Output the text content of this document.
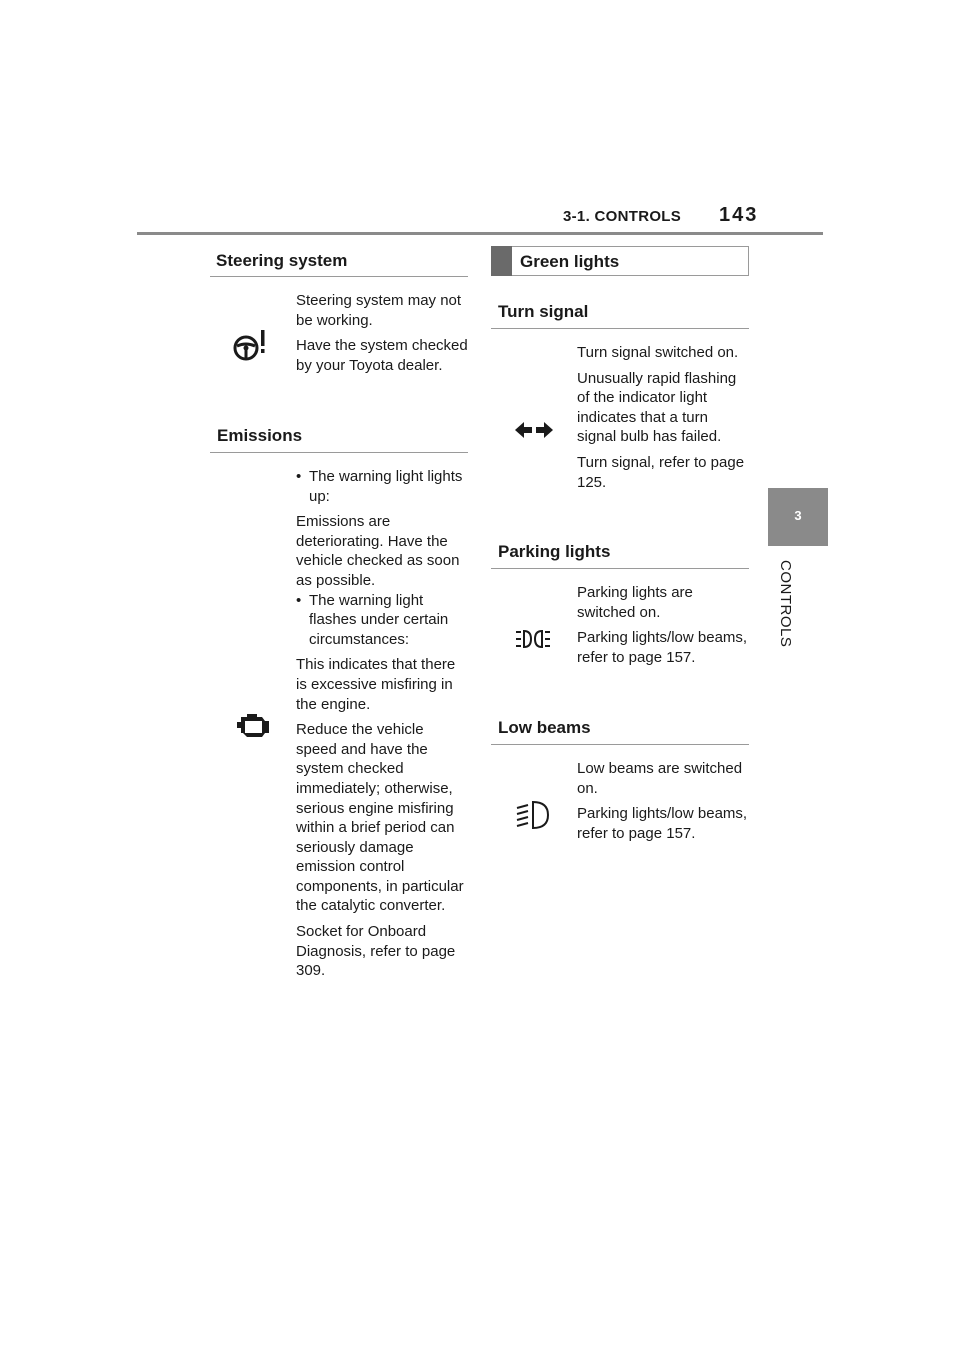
3-1. CONTROLS 143
3
CONTROLS
Steering system

Steering system may not be working.

Have the system checked by your Toyota dealer.

Emissions

• The warning light lights up:

Emissions are deteriorating. Have the vehicle checked as soon as possible.

• The warning light flashes under certain circumstances:

This indicates that there is excessive misfiring in the engine.

Reduce the vehicle speed and have the system checked immediately; otherwise, serious engine misfiring within a brief period can seriously damage emission control components, in particular the catalytic converter.

Socket for Onboard Diagnosis, refer to page 309.

Green lights
Turn signal

Turn signal switched on.

Unusually rapid flashing of the indicator light indicates that a turn signal bulb has failed.

Turn signal, refer to page 125.

Parking lights

Parking lights are switched on.

Parking lights/low beams, refer to page 157.

Low beams

Low beams are switched on.

Parking lights/low beams, refer to page 157.
